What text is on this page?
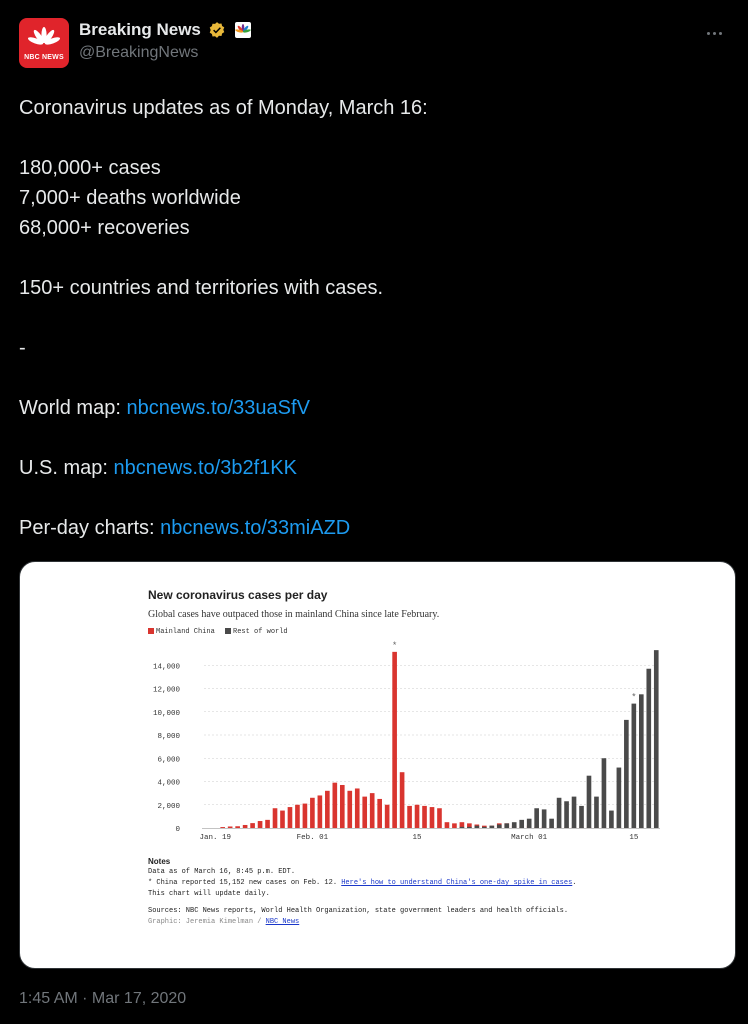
NBC NEWS
Breaking News
@BreakingNews

Coronavirus updates as of Monday, March 16:

180,000+ cases

7,000+ deaths worldwide

68,000+ recoveries

150+ countries and territories with cases.

-

World map: nbcnews.to/33uaSfV

U.S. map: nbcnews.to/3b2f1KK

Per-day charts: nbcnews.to/33miAZD

New coronavirus cases per day
Global cases have outpaced those in mainland China since late February.
Mainland China	Rest of world
0
2,000
4,000
6,000
8,000
10,000
12,000
14,000
Jan. 19	Feb. 01	15	March 01	15
*
*
Notes
Data as of March 16, 8:45 p.m. EDT.
* China reported 15,152 new cases on Feb. 12. Here's how to understand China's one-day spike in cases.
This chart will update daily.
Sources: NBC News reports, World Health Organization, state government leaders and health officials.
Graphic: Jeremia Kimelman / NBC News
1:45 AM · Mar 17, 2020
